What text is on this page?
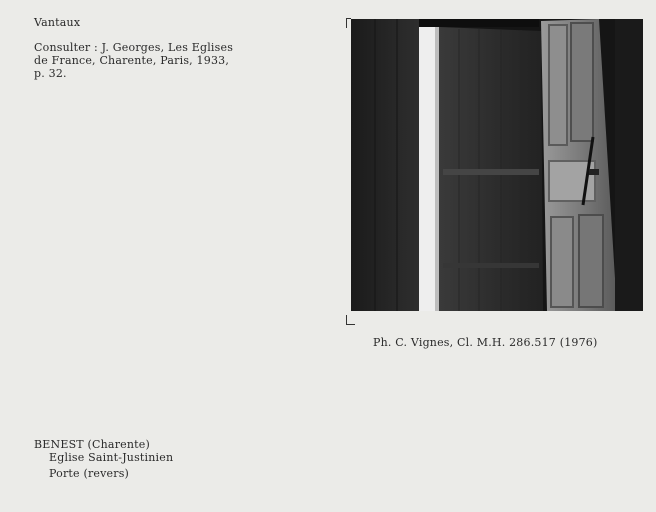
Vantaux
Consulter : J. Georges, Les Eglises
de France, Charente, Paris, 1933,
p. 32.
Ph. C. Vignes, Cl. M.H. 286.517 (1976)
BENEST (Charente)
Eglise Saint-Justinien
Porte (revers)
